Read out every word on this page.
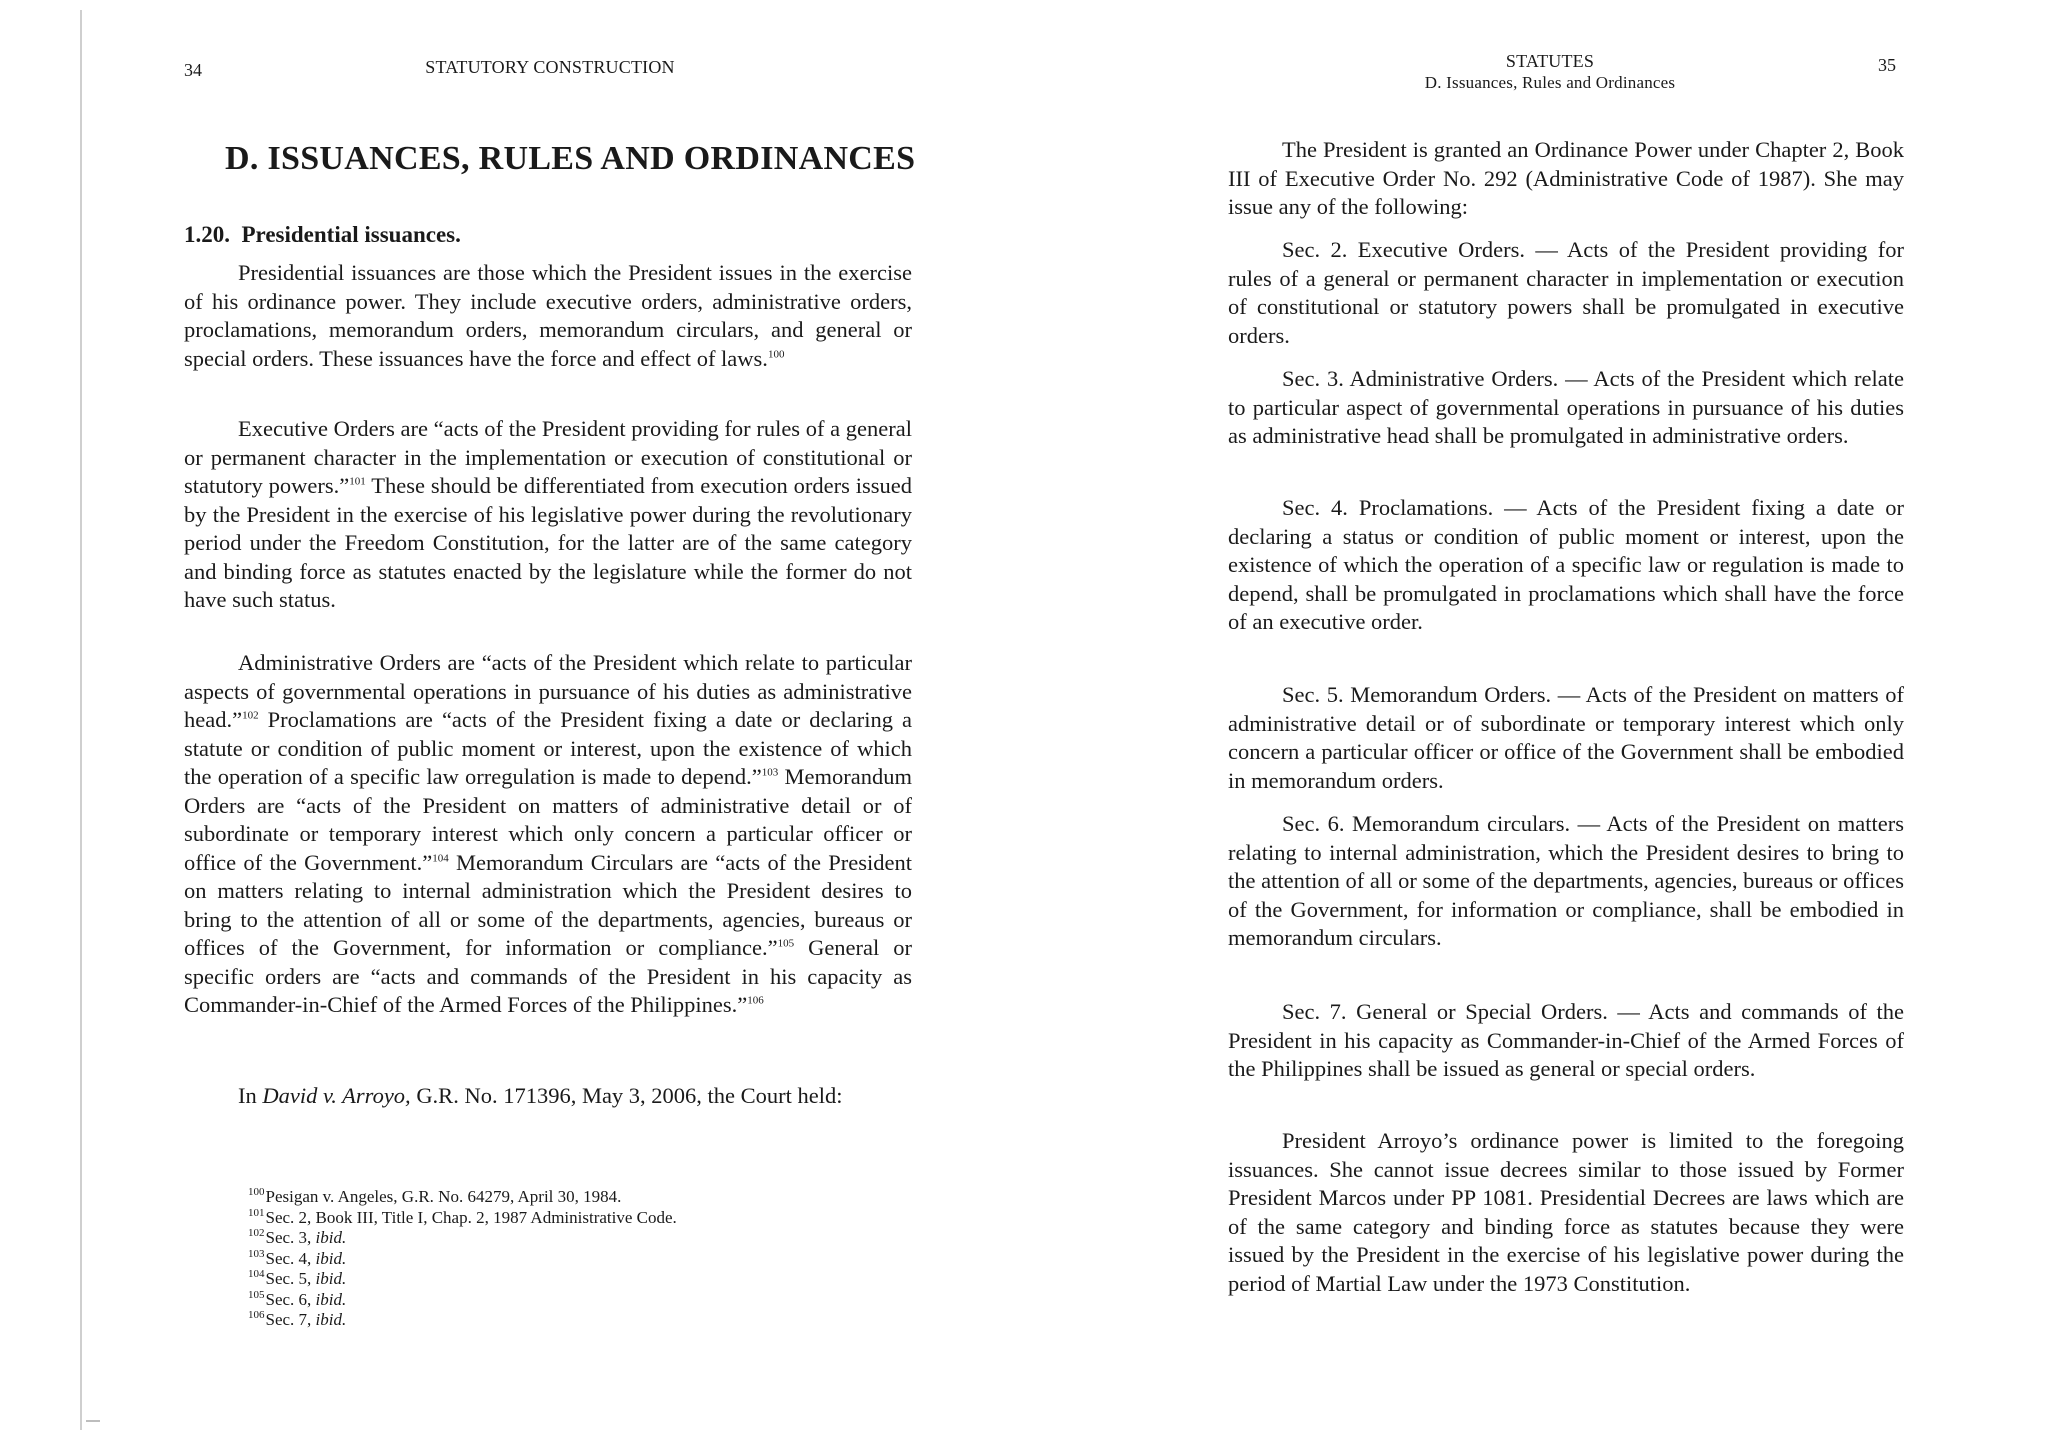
34	STATUTORY CONSTRUCTION
D. ISSUANCES, RULES AND ORDINANCES
1.20. Presidential issuances.

Presidential issuances are those which the President issues in the exercise of his ordinance power. They include executive orders, administrative orders, proclamations, memorandum orders, memorandum circulars, and general or special orders. These issuances have the force and effect of laws.$^{100}$

Executive Orders are “acts of the President providing for rules of a general or permanent character in the implementation or execution of constitutional or statutory powers.”$^{101}$ These should be differentiated from execution orders issued by the President in the exercise of his legislative power during the revolutionary period under the Freedom Constitution, for the latter are of the same category and binding force as statutes enacted by the legislature while the former do not have such status.

Administrative Orders are “acts of the President which relate to particular aspects of governmental operations in pursuance of his duties as administrative head.”$^{102}$ Proclamations are “acts of the President fixing a date or declaring a statute or condition of public moment or interest, upon the existence of which the operation of a specific law orregulation is made to depend.”$^{103}$ Memorandum Orders are “acts of the President on matters of administrative detail or of subordinate or temporary interest which only concern a particular officer or office of the Government.”$^{104}$ Memorandum Circulars are “acts of the President on matters relating to internal administration which the President desires to bring to the attention of all or some of the departments, agencies, bureaus or offices of the Government, for information or compliance.”$^{105}$ General or specific orders are “acts and commands of the President in his capacity as Commander-in-Chief of the Armed Forces of the Philippines.”$^{106}$

In David v. Arroyo, G.R. No. 171396, May 3, 2006, the Court held:

$^{100}$Pesigan v. Angeles, G.R. No. 64279, April 30, 1984.
$^{101}$Sec. 2, Book III, Title I, Chap. 2, 1987 Administrative Code.
$^{102}$Sec. 3, ibid.
$^{103}$Sec. 4, ibid.
$^{104}$Sec. 5, ibid.
$^{105}$Sec. 6, ibid.
$^{106}$Sec. 7, ibid.
STATUTES
D. Issuances, Rules and Ordinances
35

The President is granted an Ordinance Power under Chapter 2, Book III of Executive Order No. 292 (Administrative Code of 1987). She may issue any of the following:

Sec. 2. Executive Orders. — Acts of the President providing for rules of a general or permanent character in implementation or execution of constitutional or statutory powers shall be promulgated in executive orders.

Sec. 3. Administrative Orders. — Acts of the President which relate to particular aspect of governmental operations in pursuance of his duties as administrative head shall be promulgated in administrative orders.

Sec. 4. Proclamations. — Acts of the President fixing a date or declaring a status or condition of public moment or interest, upon the existence of which the operation of a specific law or regulation is made to depend, shall be promulgated in proclamations which shall have the force of an executive order.

Sec. 5. Memorandum Orders. — Acts of the President on matters of administrative detail or of subordinate or temporary interest which only concern a particular officer or office of the Government shall be embodied in memorandum orders.

Sec. 6. Memorandum circulars. — Acts of the President on matters relating to internal administration, which the President desires to bring to the attention of all or some of the departments, agencies, bureaus or offices of the Government, for information or compliance, shall be embodied in memorandum circulars.

Sec. 7. General or Special Orders. — Acts and commands of the President in his capacity as Commander-in-Chief of the Armed Forces of the Philippines shall be issued as general or special orders.

President Arroyo’s ordinance power is limited to the foregoing issuances. She cannot issue decrees similar to those issued by Former President Marcos under PP 1081. Presidential Decrees are laws which are of the same category and binding force as statutes because they were issued by the President in the exercise of his legislative power during the period of Martial Law under the 1973 Constitution.
